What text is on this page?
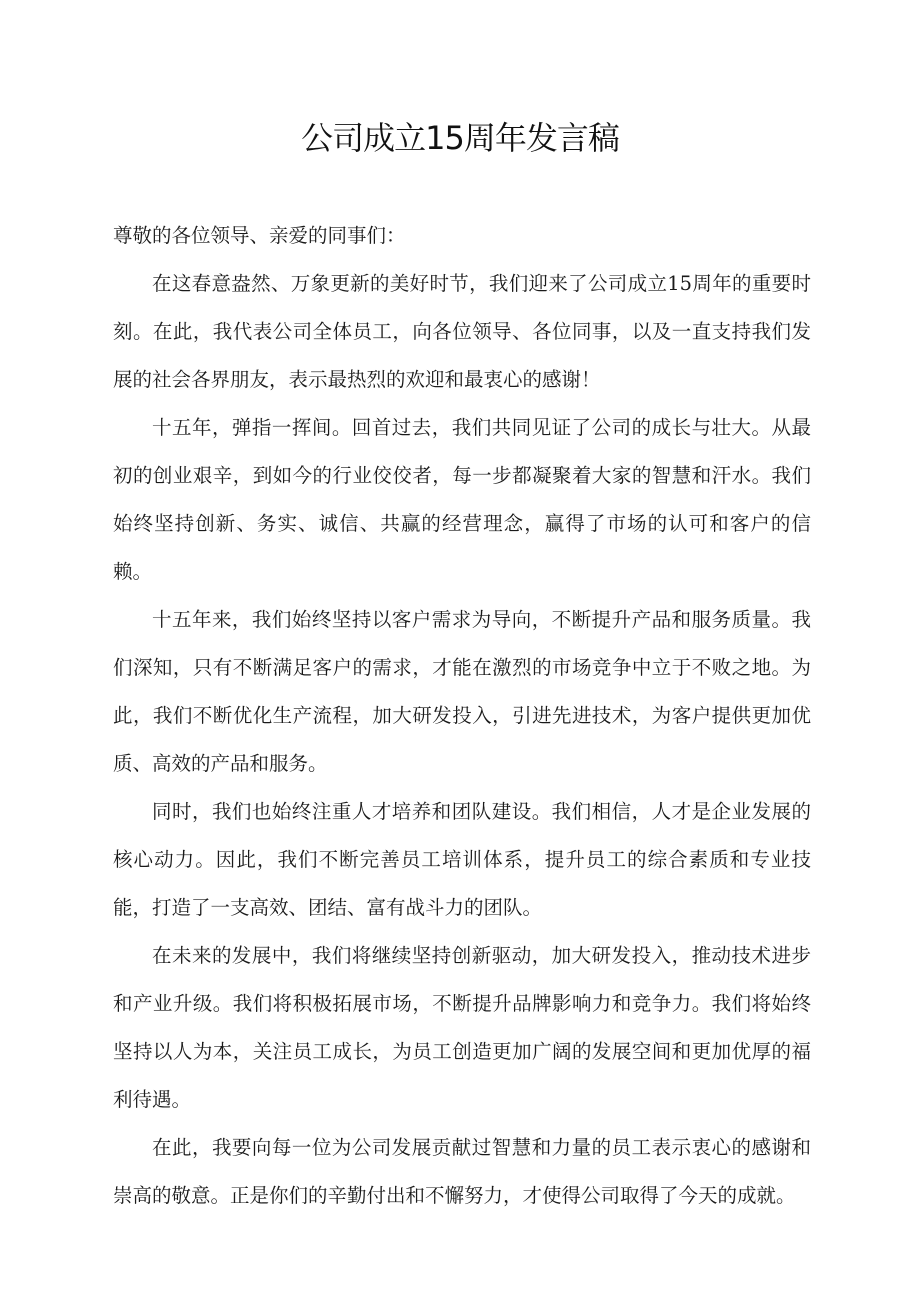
公司成立15周年发言稿

尊敬的各位领导、亲爱的同事们：

在这春意盎然、万象更新的美好时节，我们迎来了公司成立15周年的重要时刻。在此，我代表公司全体员工，向各位领导、各位同事，以及一直支持我们发展的社会各界朋友，表示最热烈的欢迎和最衷心的感谢！

十五年，弹指一挥间。回首过去，我们共同见证了公司的成长与壮大。从最初的创业艰辛，到如今的行业佼佼者，每一步都凝聚着大家的智慧和汗水。我们始终坚持创新、务实、诚信、共赢的经营理念，赢得了市场的认可和客户的信赖。

十五年来，我们始终坚持以客户需求为导向，不断提升产品和服务质量。我们深知，只有不断满足客户的需求，才能在激烈的市场竞争中立于不败之地。为此，我们不断优化生产流程，加大研发投入，引进先进技术，为客户提供更加优质、高效的产品和服务。

同时，我们也始终注重人才培养和团队建设。我们相信，人才是企业发展的核心动力。因此，我们不断完善员工培训体系，提升员工的综合素质和专业技能，打造了一支高效、团结、富有战斗力的团队。

在未来的发展中，我们将继续坚持创新驱动，加大研发投入，推动技术进步和产业升级。我们将积极拓展市场，不断提升品牌影响力和竞争力。我们将始终坚持以人为本，关注员工成长，为员工创造更加广阔的发展空间和更加优厚的福利待遇。

在此，我要向每一位为公司发展贡献过智慧和力量的员工表示衷心的感谢和崇高的敬意。正是你们的辛勤付出和不懈努力，才使得公司取得了今天的成就。
